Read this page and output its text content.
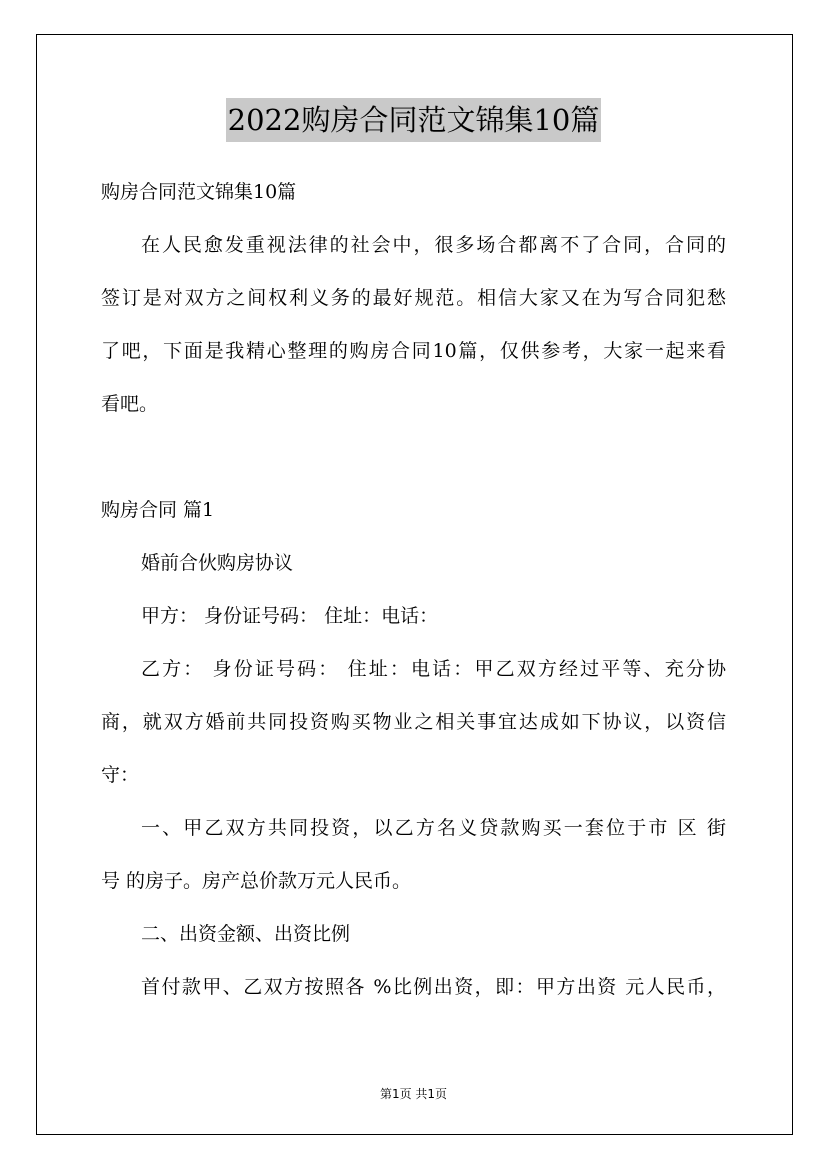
2022购房合同范文锦集10篇

购房合同范文锦集10篇

在人民愈发重视法律的社会中，很多场合都离不了合同，合同的

签订是对双方之间权利义务的最好规范。相信大家又在为写合同犯愁

了吧，下面是我精心整理的购房合同10篇，仅供参考，大家一起来看

看吧。

购房合同 篇1

婚前合伙购房协议

甲方： 身份证号码： 住址：电话：

乙方： 身份证号码： 住址：电话：甲乙双方经过平等、充分协

商，就双方婚前共同投资购买物业之相关事宜达成如下协议，以资信

守：

一、甲乙双方共同投资，以乙方名义贷款购买一套位于市 区 街

号 的房子。房产总价款万元人民币。

二、出资金额、出资比例

首付款甲、乙双方按照各 %比例出资，即：甲方出资 元人民币，

第1页 共1页
